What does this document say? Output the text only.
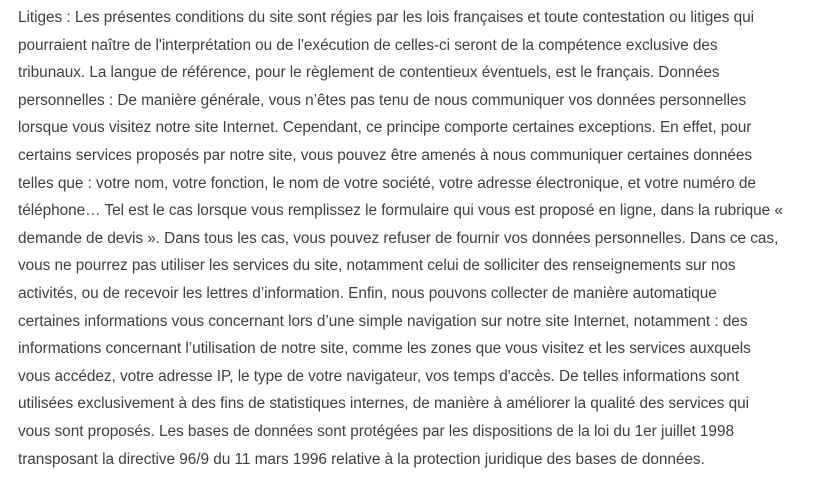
Litiges : Les présentes conditions du site sont régies par les lois françaises et toute contestation ou litiges qui
pourraient naître de l'interprétation ou de l'exécution de celles-ci seront de la compétence exclusive des
tribunaux. La langue de référence, pour le règlement de contentieux éventuels, est le français. Données
personnelles : De manière générale, vous n’êtes pas tenu de nous communiquer vos données personnelles
lorsque vous visitez notre site Internet. Cependant, ce principe comporte certaines exceptions. En effet, pour
certains services proposés par notre site, vous pouvez être amenés à nous communiquer certaines données
telles que : votre nom, votre fonction, le nom de votre société, votre adresse électronique, et votre numéro de
téléphone… Tel est le cas lorsque vous remplissez le formulaire qui vous est proposé en ligne, dans la rubrique «
demande de devis ». Dans tous les cas, vous pouvez refuser de fournir vos données personnelles. Dans ce cas,
vous ne pourrez pas utiliser les services du site, notamment celui de solliciter des renseignements sur nos
activités, ou de recevoir les lettres d’information. Enfin, nous pouvons collecter de manière automatique
certaines informations vous concernant lors d’une simple navigation sur notre site Internet, notamment : des
informations concernant l’utilisation de notre site, comme les zones que vous visitez et les services auxquels
vous accédez, votre adresse IP, le type de votre navigateur, vos temps d'accès. De telles informations sont
utilisées exclusivement à des fins de statistiques internes, de manière à améliorer la qualité des services qui
vous sont proposés. Les bases de données sont protégées par les dispositions de la loi du 1er juillet 1998
transposant la directive 96/9 du 11 mars 1996 relative à la protection juridique des bases de données.
